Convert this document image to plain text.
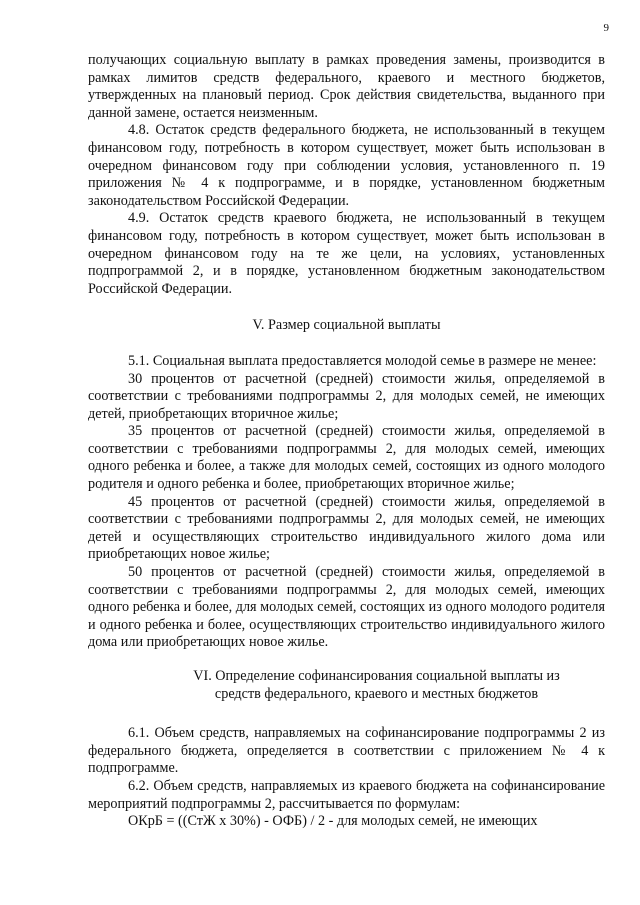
9

получающих социальную выплату в рамках проведения замены, производится в рамках лимитов средств федерального, краевого и местного бюджетов, утвержденных на плановый период. Срок действия свидетельства, выданного при данной замене, остается неизменным.

4.8. Остаток средств федерального бюджета, не использованный в текущем финансовом году, потребность в котором существует, может быть использован в очередном финансовом году при соблюдении условия, установленного п. 19 приложения № 4 к подпрограмме, и в порядке, установленном бюджетным законодательством Российской Федерации.

4.9. Остаток средств краевого бюджета, не использованный в текущем финансовом году, потребность в котором существует, может быть использован в очередном финансовом году на те же цели, на условиях, установленных подпрограммой 2, и в порядке, установленном бюджетным законодательством Российской Федерации.

V. Размер социальной выплаты

5.1. Социальная выплата предоставляется молодой семье в размере не менее:

30 процентов от расчетной (средней) стоимости жилья, определяемой в соответствии с требованиями подпрограммы 2, для молодых семей, не имеющих детей, приобретающих вторичное жилье;

35 процентов от расчетной (средней) стоимости жилья, определяемой в соответствии с требованиями подпрограммы 2, для молодых семей, имеющих одного ребенка и более, а также для молодых семей, состоящих из одного молодого родителя и одного ребенка и более, приобретающих вторичное жилье;

45 процентов от расчетной (средней) стоимости жилья, определяемой в соответствии с требованиями подпрограммы 2, для молодых семей, не имеющих детей и осуществляющих строительство индивидуального жилого дома или приобретающих новое жилье;

50 процентов от расчетной (средней) стоимости жилья, определяемой в соответствии с требованиями подпрограммы 2, для молодых семей, имеющих одного ребенка и более, для молодых семей, состоящих из одного молодого родителя и одного ребенка и более, осуществляющих строительство индивидуального жилого дома или приобретающих новое жилье.

VI. Определение софинансирования социальной выплаты из
средств федерального, краевого и местных бюджетов

6.1. Объем средств, направляемых на софинансирование подпрограммы 2 из федерального бюджета, определяется в соответствии с приложением № 4 к подпрограмме.

6.2. Объем средств, направляемых из краевого бюджета на софинансирование мероприятий подпрограммы 2, рассчитывается по формулам:

ОКрБ = ((СтЖ х 30%) - ОФБ) / 2 - для молодых семей, не имеющих
